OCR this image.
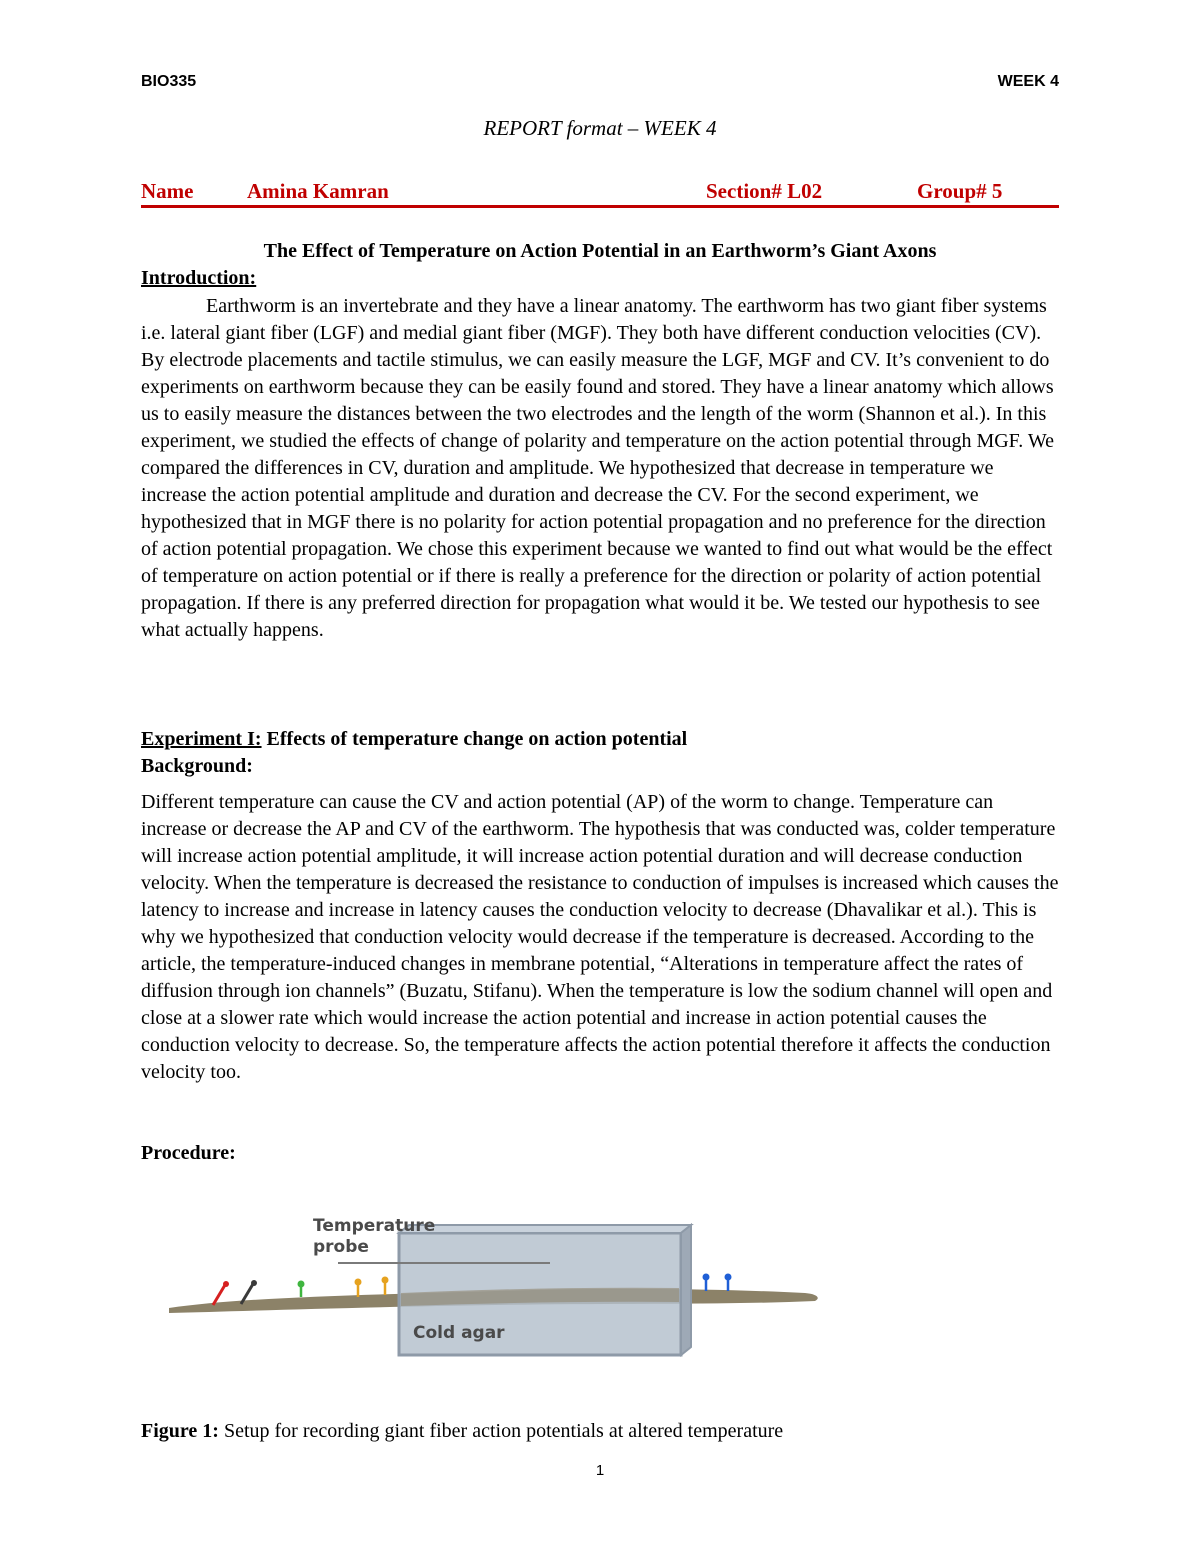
BIO335	WEEK 4
REPORT format – WEEK 4
Name	Amina Kamran	Section# L02	Group# 5
The Effect of Temperature on Action Potential in an Earthworm’s Giant Axons
Introduction:
Earthworm is an invertebrate and they have a linear anatomy. The earthworm has two giant fiber systems i.e. lateral giant fiber (LGF) and medial giant fiber (MGF). They both have different conduction velocities (CV). By electrode placements and tactile stimulus, we can easily measure the LGF, MGF and CV. It’s convenient to do experiments on earthworm because they can be easily found and stored. They have a linear anatomy which allows us to easily measure the distances between the two electrodes and the length of the worm (Shannon et al.). In this experiment, we studied the effects of change of polarity and temperature on the action potential through MGF. We compared the differences in CV, duration and amplitude. We hypothesized that decrease in temperature we increase the action potential amplitude and duration and decrease the CV. For the second experiment, we hypothesized that in MGF there is no polarity for action potential propagation and no preference for the direction of action potential propagation. We chose this experiment because we wanted to find out what would be the effect of temperature on action potential or if there is really a preference for the direction or polarity of action potential propagation. If there is any preferred direction for propagation what would it be. We tested our hypothesis to see what actually happens.
Experiment I: Effects of temperature change on action potential
Background:
Different temperature can cause the CV and action potential (AP) of the worm to change. Temperature can increase or decrease the AP and CV of the earthworm. The hypothesis that was conducted was, colder temperature will increase action potential amplitude, it will increase action potential duration and will decrease conduction velocity. When the temperature is decreased the resistance to conduction of impulses is increased which causes the latency to increase and increase in latency causes the conduction velocity to decrease (Dhavalikar et al.). This is why we hypothesized that conduction velocity would decrease if the temperature is decreased. According to the article, the temperature-induced changes in membrane potential, “Alterations in temperature affect the rates of diffusion through ion channels” (Buzatu, Stifanu). When the temperature is low the sodium channel will open and close at a slower rate which would increase the action potential and increase in action potential causes the conduction velocity to decrease. So, the temperature affects the action potential therefore it affects the conduction velocity too.
Procedure:
Temperature
probe
Cold agar
Figure 1: Setup for recording giant fiber action potentials at altered temperature
1
